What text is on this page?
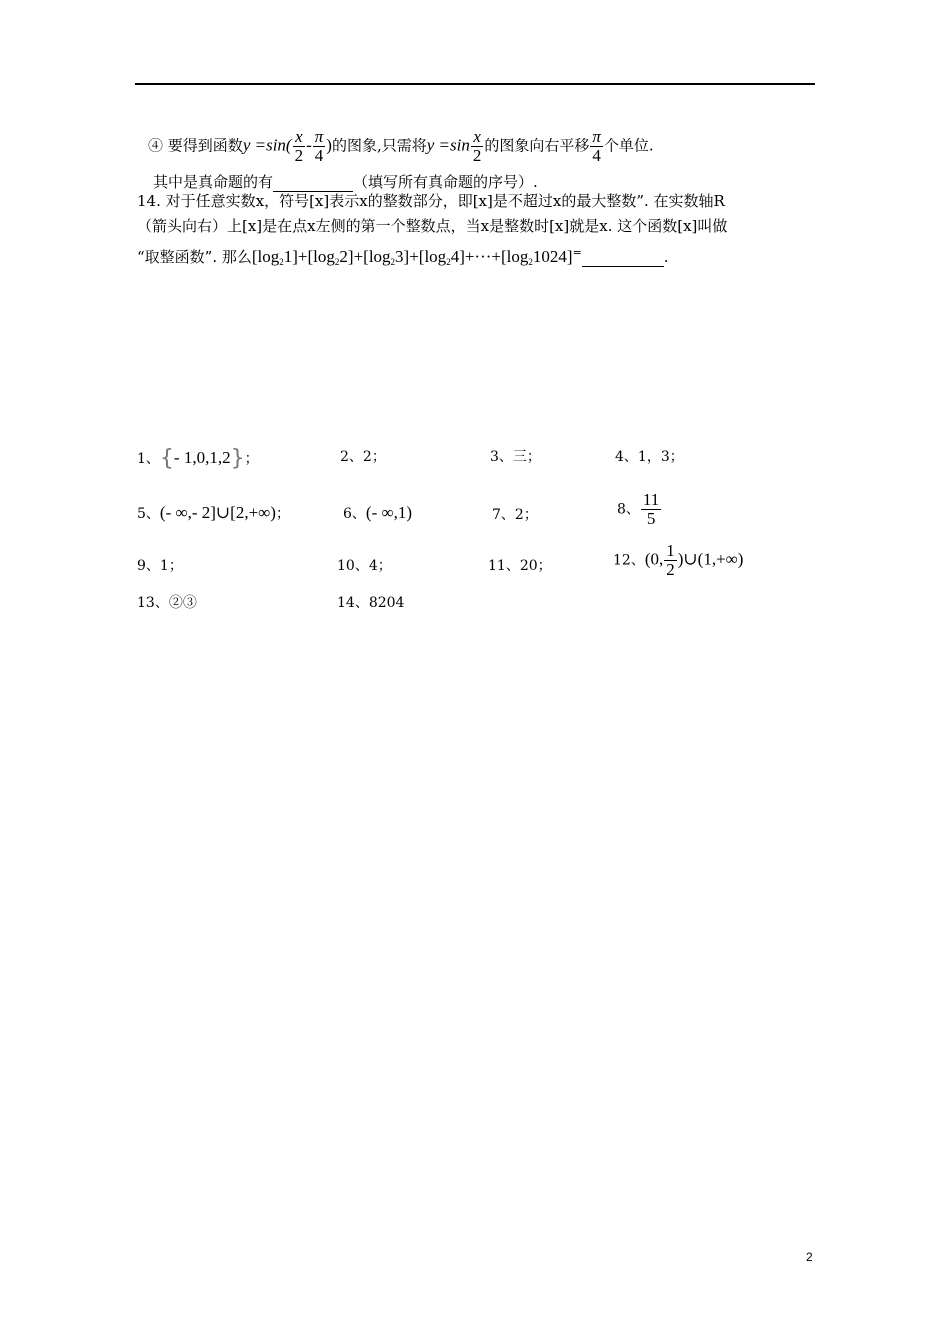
④ 要得到函数$y =\sin( \frac{x}{2} - \frac{\pi}{4}$ )的图象,只需将$y =\sin \frac{x}{2}$ 的图象向右平移 $\frac{\pi}{4}$ 个单位.
其中是真命题的有	（填写所有真命题的序号）.
14. 对于任意实数x，符号[x]表示x的整数部分，即[x]是不超过x的最大整数”. 在实数轴R
（箭头向右）上[x]是在点x左侧的第一个整数点，当x是整数时[x]就是x. 这个函数[x]叫做
“取整函数”. 那么$[\log_21]+[\log_22]+[\log_23]+[\log_24]+\cdot\cdot\cdot+[\log_21024]^=$	.
1、{- 1,0,1,2}；	2、2；	3、三；	4、1，3；
5、(- ∞,- 2]∪[2,+∞)；	6、(- ∞,1)	7、2；	8、 $\frac{11}{5}$
9、1；	10、4；	11、20；	12、(0, $\frac{1}{2}$ )∪(1,+∞)
13、②③	14、8204
2
